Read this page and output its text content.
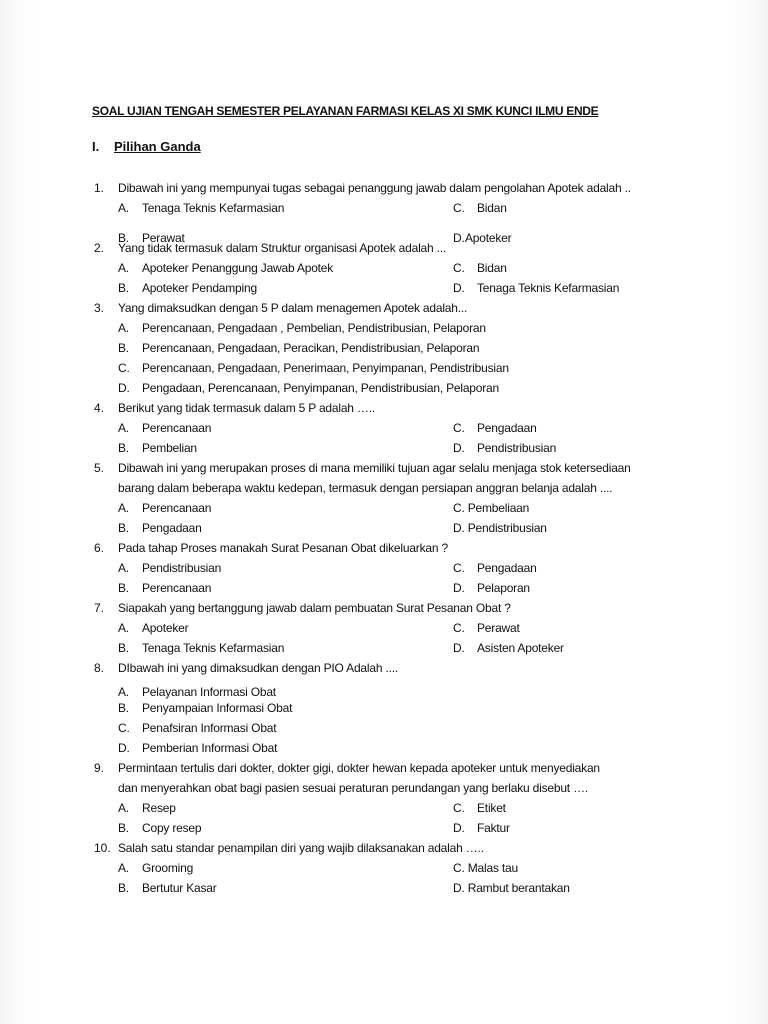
SOAL UJIAN TENGAH SEMESTER PELAYANAN FARMASI KELAS XI SMK KUNCI ILMU ENDE
I. Pilihan Ganda
1. Dibawah ini yang mempunyai tugas sebagai penanggung jawab dalam pengolahan Apotek adalah ..
A. Tenaga Teknis Kefarmasian	C. Bidan
B. Perawat	D.Apoteker
2. Yang tidak termasuk dalam Struktur organisasi Apotek adalah ...
A. Apoteker Penanggung Jawab Apotek	C. Bidan
B. Apoteker Pendamping	D. Tenaga Teknis Kefarmasian
3. Yang dimaksudkan dengan 5 P dalam menagemen Apotek adalah...
A. Perencanaan, Pengadaan , Pembelian, Pendistribusian, Pelaporan
B. Perencanaan, Pengadaan, Peracikan, Pendistribusian, Pelaporan
C. Perencanaan, Pengadaan, Penerimaan, Penyimpanan, Pendistribusian
D. Pengadaan, Perencanaan, Penyimpanan, Pendistribusian, Pelaporan
4. Berikut yang tidak termasuk dalam 5 P adalah …..
A. Perencanaan	C. Pengadaan
B. Pembelian	D. Pendistribusian
5. Dibawah ini yang merupakan proses di mana memiliki tujuan agar selalu menjaga stok ketersediaan
barang dalam beberapa waktu kedepan, termasuk dengan persiapan anggran belanja adalah ....
A. Perencanaan	C. Pembeliaan
B. Pengadaan	D. Pendistribusian
6. Pada tahap Proses manakah Surat Pesanan Obat dikeluarkan ?
A. Pendistribusian	C. Pengadaan
B. Perencanaan	D. Pelaporan
7. Siapakah yang bertanggung jawab dalam pembuatan Surat Pesanan Obat ?
A. Apoteker	C. Perawat
B. Tenaga Teknis Kefarmasian	D. Asisten Apoteker
8. DIbawah ini yang dimaksudkan dengan PIO Adalah ....
A. Pelayanan Informasi Obat
B. Penyampaian Informasi Obat
C. Penafsiran Informasi Obat
D. Pemberian Informasi Obat
9. Permintaan tertulis dari dokter, dokter gigi, dokter hewan kepada apoteker untuk menyediakan
dan menyerahkan obat bagi pasien sesuai peraturan perundangan yang berlaku disebut ….
A. Resep	C. Etiket
B. Copy resep	D. Faktur
10. Salah satu standar penampilan diri yang wajib dilaksanakan adalah …..
A. Grooming	C. Malas tau
B. Bertutur Kasar	D. Rambut berantakan
